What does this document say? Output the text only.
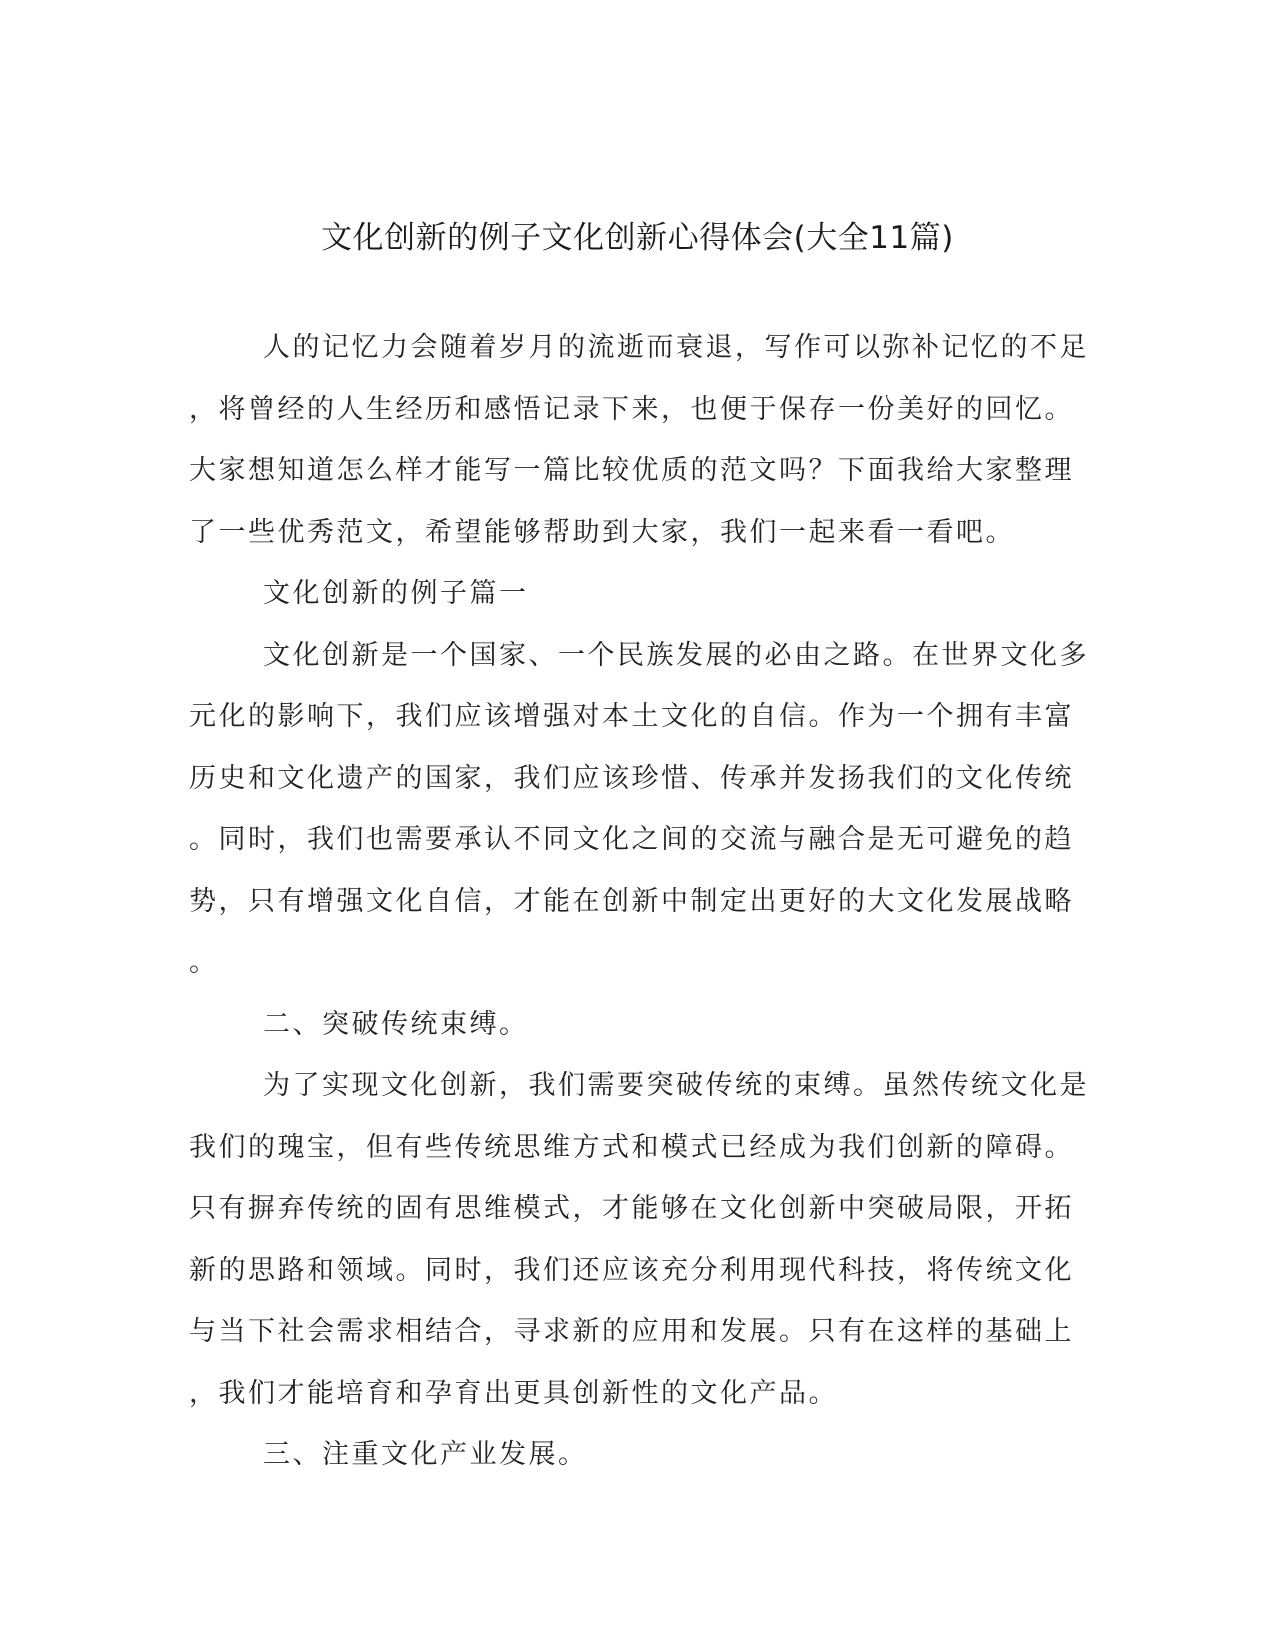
文化创新的例子文化创新心得体会(大全11篇)
人的记忆力会随着岁月的流逝而衰退，写作可以弥补记忆的不足
，将曾经的人生经历和感悟记录下来，也便于保存一份美好的回忆。
大家想知道怎么样才能写一篇比较优质的范文吗？下面我给大家整理
了一些优秀范文，希望能够帮助到大家，我们一起来看一看吧。
文化创新的例子篇一
文化创新是一个国家、一个民族发展的必由之路。在世界文化多
元化的影响下，我们应该增强对本土文化的自信。作为一个拥有丰富
历史和文化遗产的国家，我们应该珍惜、传承并发扬我们的文化传统
。同时，我们也需要承认不同文化之间的交流与融合是无可避免的趋
势，只有增强文化自信，才能在创新中制定出更好的大文化发展战略
。
二、突破传统束缚。
为了实现文化创新，我们需要突破传统的束缚。虽然传统文化是
我们的瑰宝，但有些传统思维方式和模式已经成为我们创新的障碍。
只有摒弃传统的固有思维模式，才能够在文化创新中突破局限，开拓
新的思路和领域。同时，我们还应该充分利用现代科技，将传统文化
与当下社会需求相结合，寻求新的应用和发展。只有在这样的基础上
，我们才能培育和孕育出更具创新性的文化产品。
三、注重文化产业发展。
